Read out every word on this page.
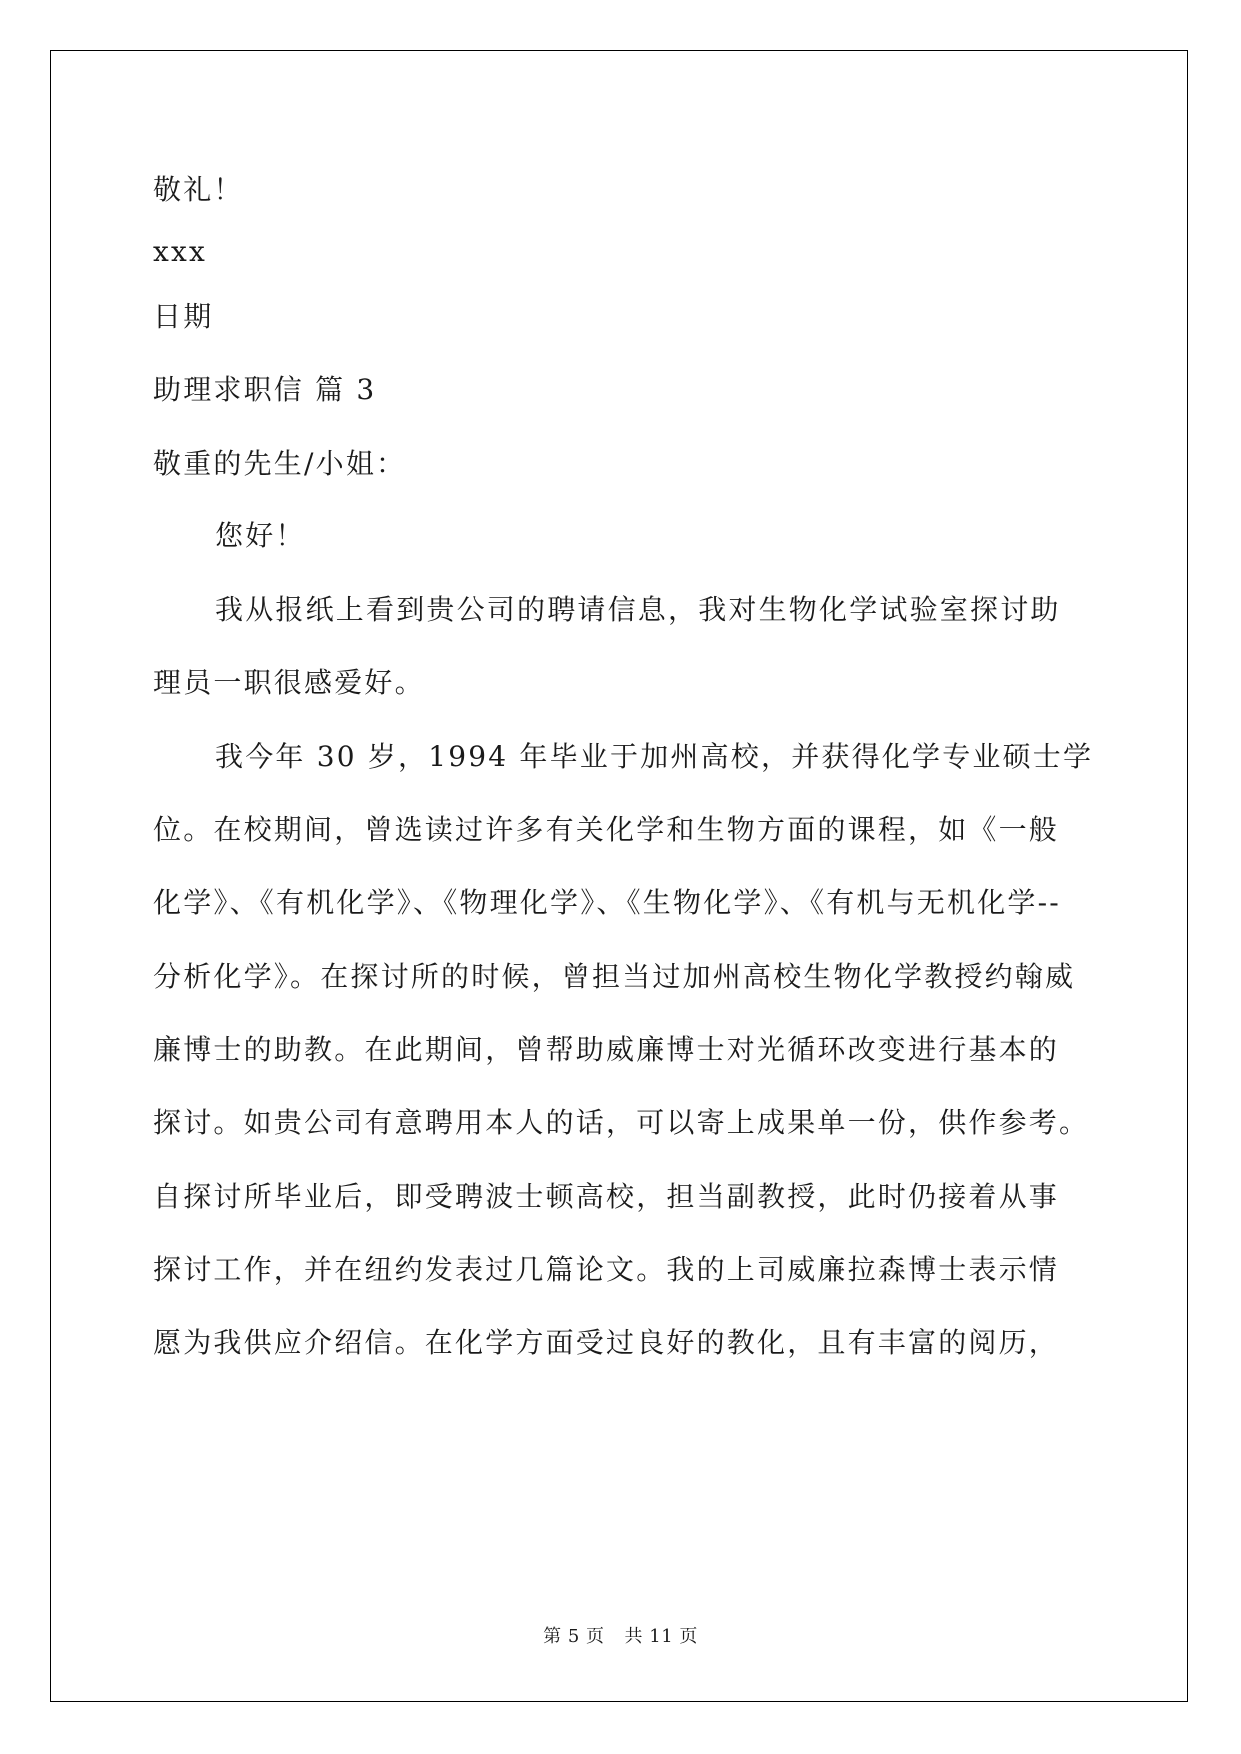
敬礼！
xxx
日期
助理求职信 篇 3
敬重的先生/小姐：
您好！
我从报纸上看到贵公司的聘请信息，我对生物化学试验室探讨助
理员一职很感爱好。
我今年 30 岁，1994 年毕业于加州高校，并获得化学专业硕士学
位。在校期间，曾选读过许多有关化学和生物方面的课程，如《一般
化学》、《有机化学》、《物理化学》、《生物化学》、《有机与无机化学--
分析化学》。在探讨所的时候，曾担当过加州高校生物化学教授约翰威
廉博士的助教。在此期间，曾帮助威廉博士对光循环改变进行基本的
探讨。如贵公司有意聘用本人的话，可以寄上成果单一份，供作参考。
自探讨所毕业后，即受聘波士顿高校，担当副教授，此时仍接着从事
探讨工作，并在纽约发表过几篇论文。我的上司威廉拉森博士表示情
愿为我供应介绍信。在化学方面受过良好的教化，且有丰富的阅历，
第 5 页 共 11 页
